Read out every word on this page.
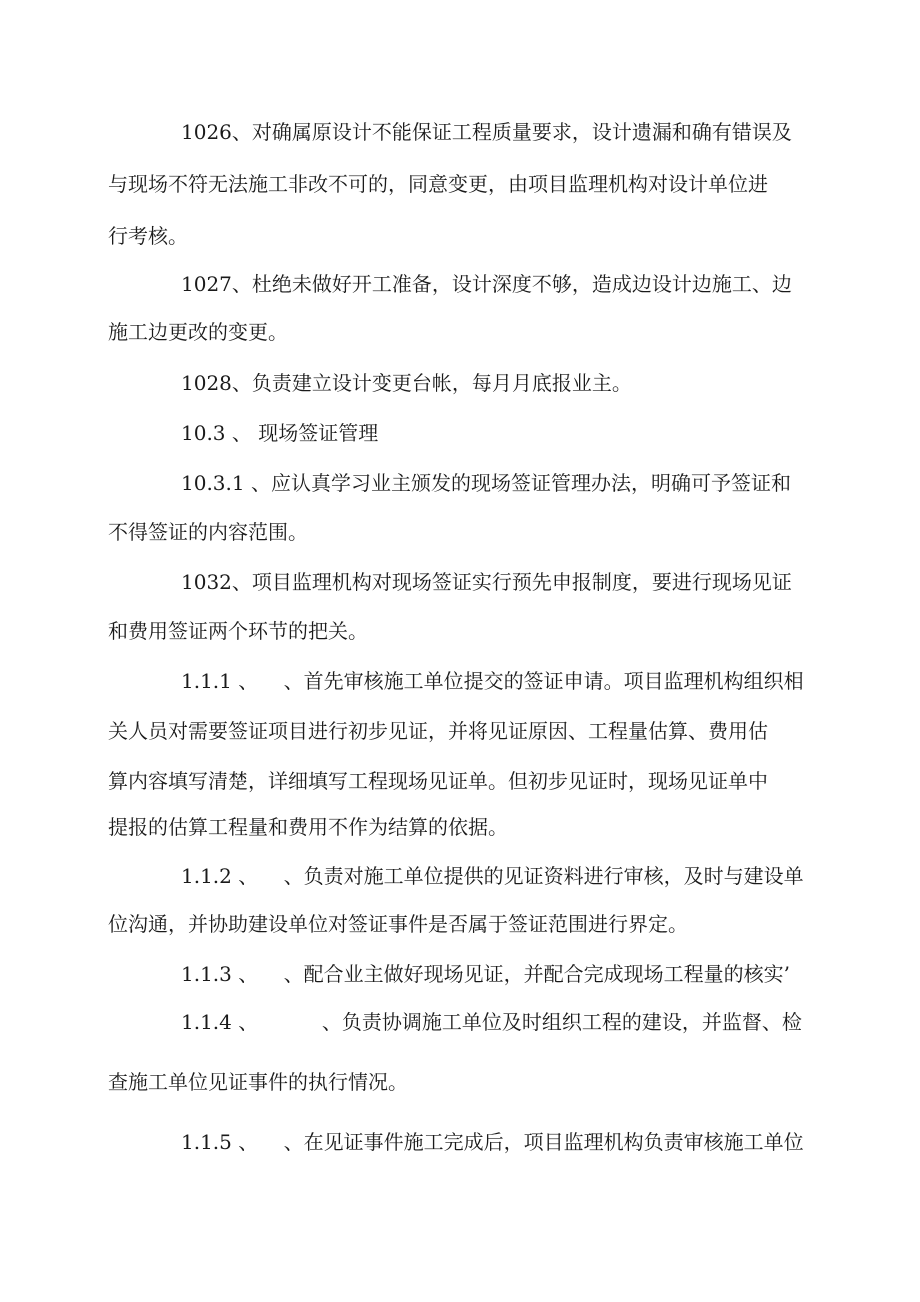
1026、对确属原设计不能保证工程质量要求，设计遗漏和确有错误及
与现场不符无法施工非改不可的，同意变更，由项目监理机构对设计单位进
行考核。
1027、杜绝未做好开工准备，设计深度不够，造成边设计边施工、边
施工边更改的变更。
1028、负责建立设计变更台帐，每月月底报业主。
10.3 、 现场签证管理
10.3.1 、应认真学习业主颁发的现场签证管理办法，明确可予签证和
不得签证的内容范围。
1032、项目监理机构对现场签证实行预先申报制度，要进行现场见证
和费用签证两个环节的把关。
1.1.1 、    、首先审核施工单位提交的签证申请。项目监理机构组织相
关人员对需要签证项目进行初步见证，并将见证原因、工程量估算、费用估
算内容填写清楚，详细填写工程现场见证单。但初步见证时，现场见证单中
提报的估算工程量和费用不作为结算的依据。
1.1.2 、    、负责对施工单位提供的见证资料进行审核，及时与建设单
位沟通，并协助建设单位对签证事件是否属于签证范围进行界定。
1.1.3 、    、配合业主做好现场见证，并配合完成现场工程量的核实’
1.1.4 、          、负责协调施工单位及时组织工程的建设，并监督、检
查施工单位见证事件的执行情况。
1.1.5 、    、在见证事件施工完成后，项目监理机构负责审核施工单位
